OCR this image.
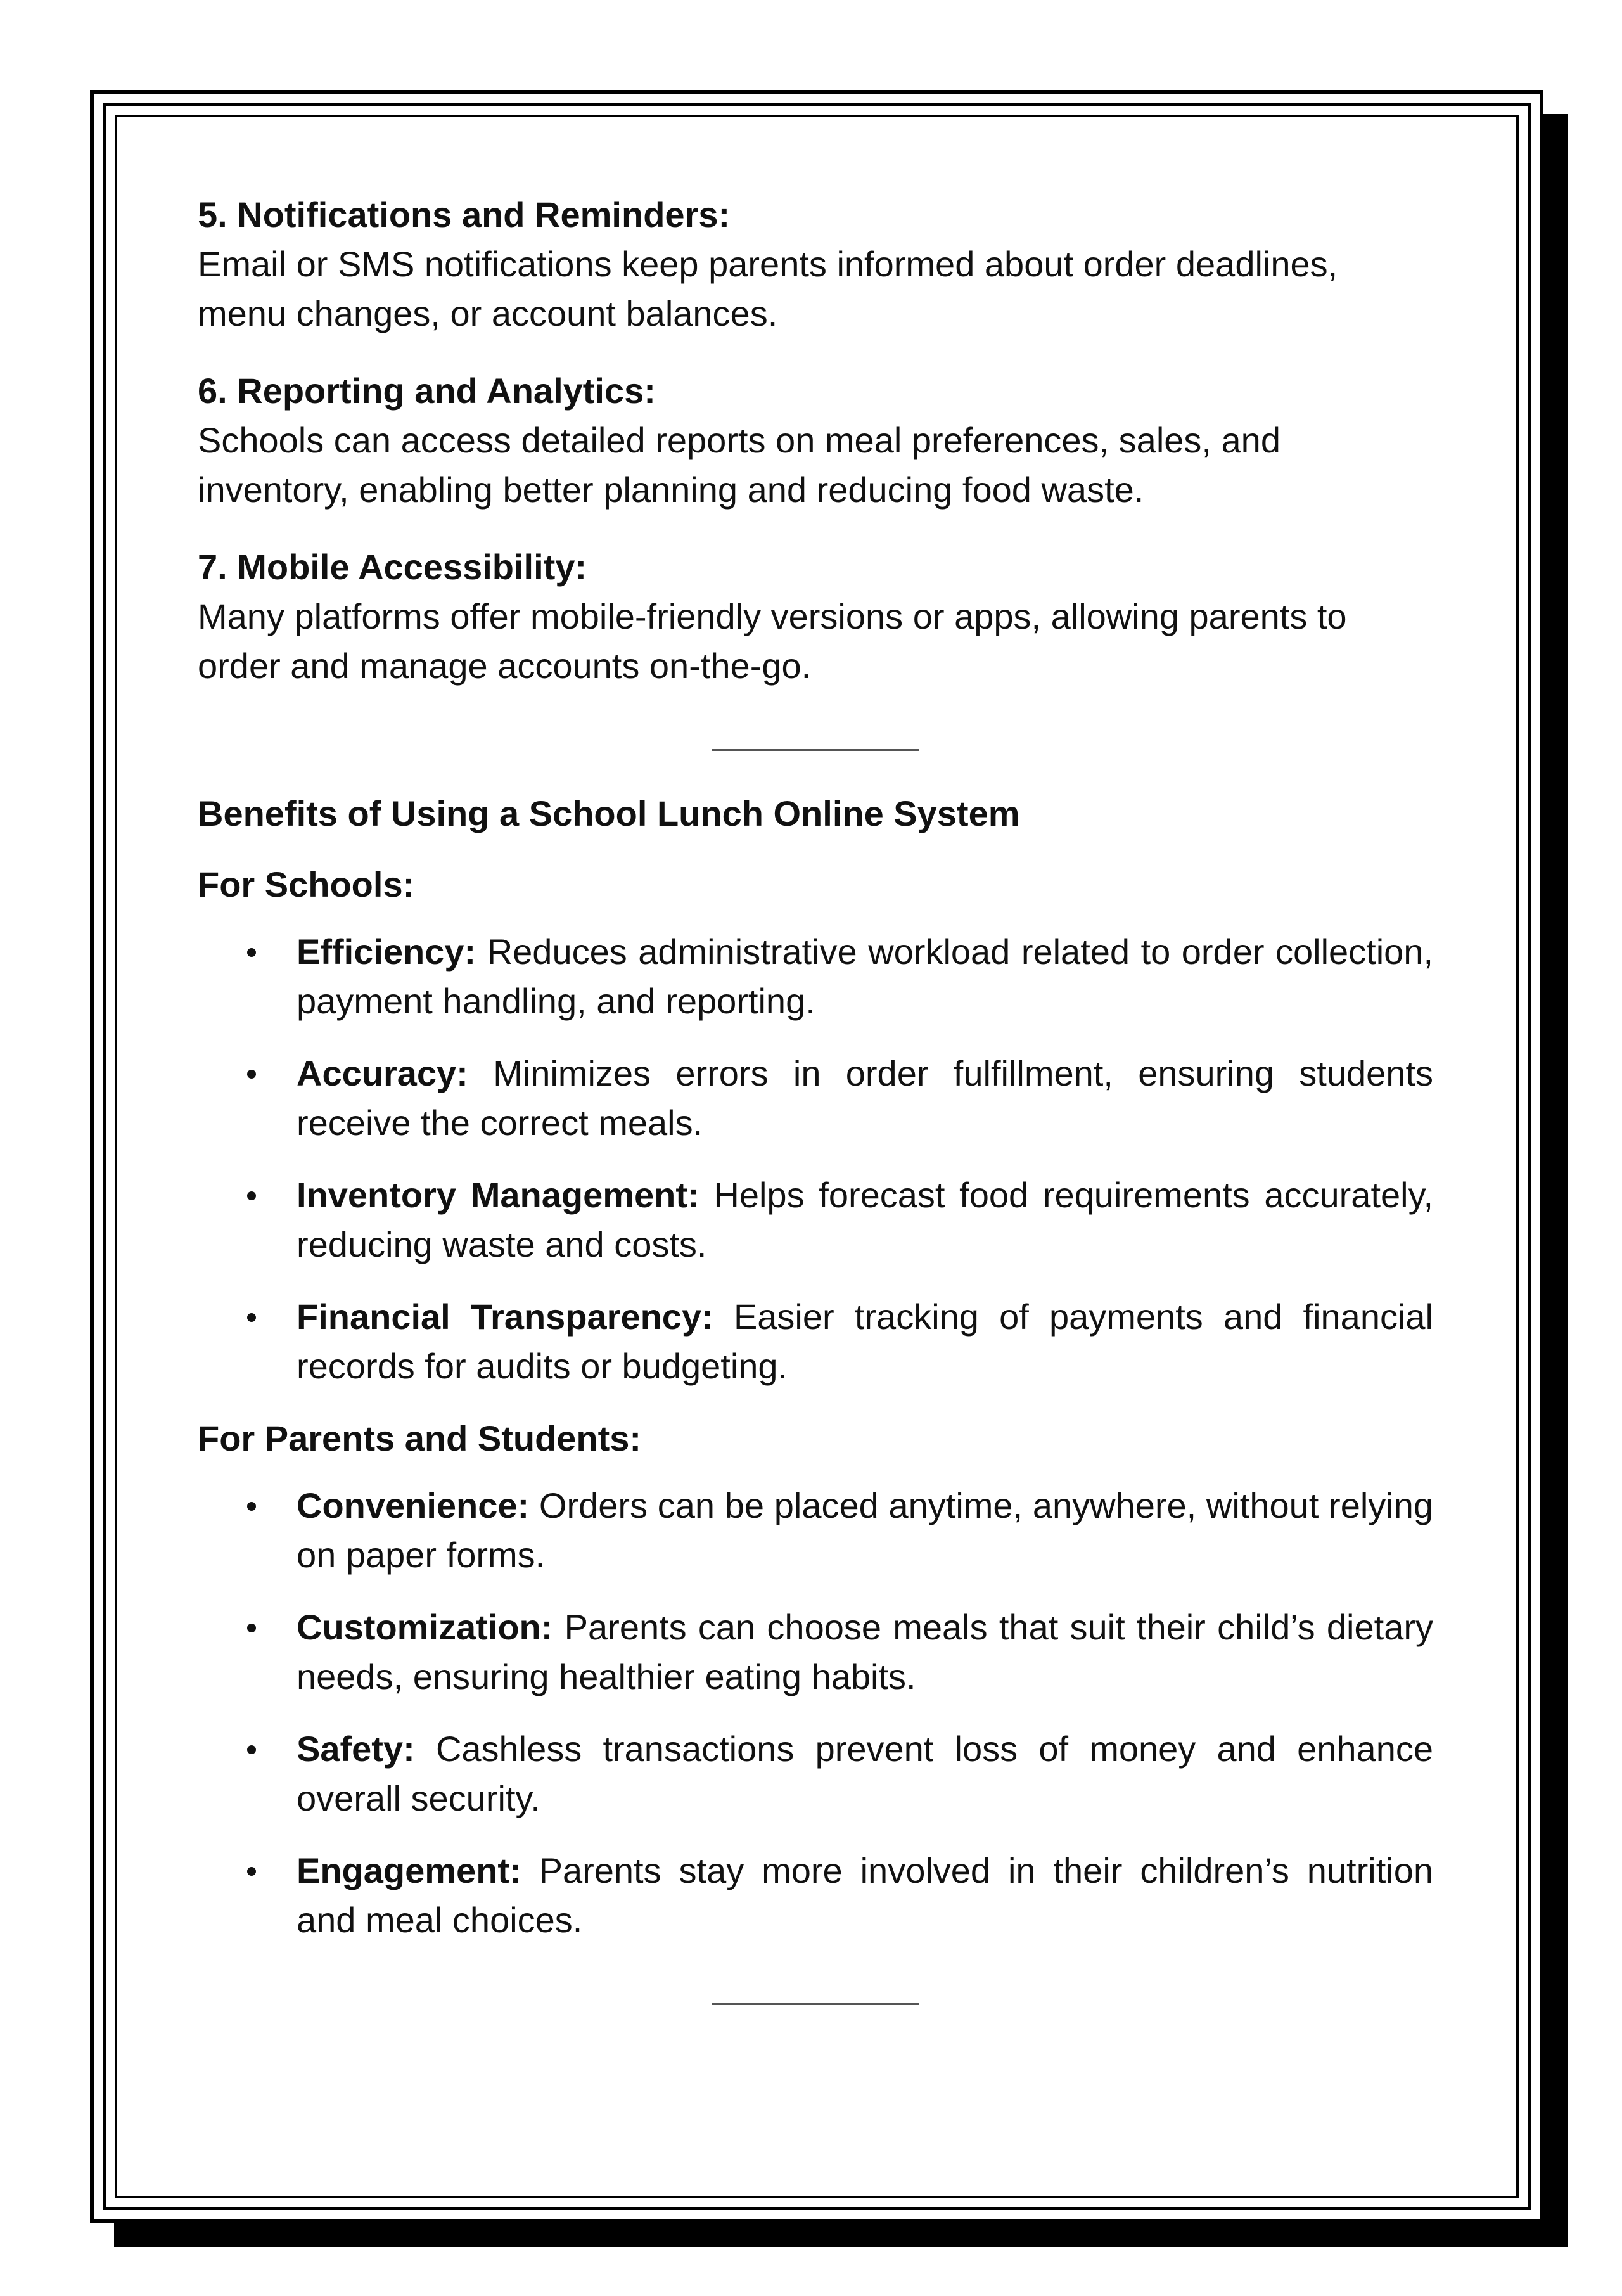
5. Notifications and Reminders:
Email or SMS notifications keep parents informed about order deadlines, menu changes, or account balances.
6. Reporting and Analytics:
Schools can access detailed reports on meal preferences, sales, and inventory, enabling better planning and reducing food waste.
7. Mobile Accessibility:
Many platforms offer mobile-friendly versions or apps, allowing parents to order and manage accounts on-the-go.
Benefits of Using a School Lunch Online System
For Schools:
Efficiency: Reduces administrative workload related to order collection, payment handling, and reporting.
Accuracy: Minimizes errors in order fulfillment, ensuring students receive the correct meals.
Inventory Management: Helps forecast food requirements accurately, reducing waste and costs.
Financial Transparency: Easier tracking of payments and financial records for audits or budgeting.
For Parents and Students:
Convenience: Orders can be placed anytime, anywhere, without relying on paper forms.
Customization: Parents can choose meals that suit their child’s dietary needs, ensuring healthier eating habits.
Safety: Cashless transactions prevent loss of money and enhance overall security.
Engagement: Parents stay more involved in their children’s nutrition and meal choices.
